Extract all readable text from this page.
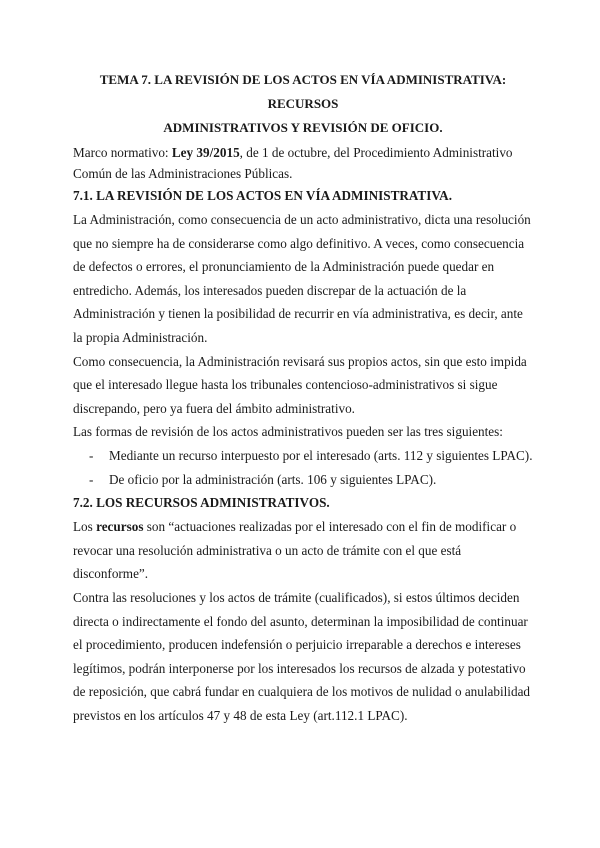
TEMA 7. LA REVISIÓN DE LOS ACTOS EN VÍA ADMINISTRATIVA: RECURSOS
ADMINISTRATIVOS Y REVISIÓN DE OFICIO.

Marco normativo: Ley 39/2015, de 1 de octubre, del Procedimiento Administrativo Común de las Administraciones Públicas.

7.1. LA REVISIÓN DE LOS ACTOS EN VÍA ADMINISTRATIVA.

La Administración, como consecuencia de un acto administrativo, dicta una resolución que no siempre ha de considerarse como algo definitivo. A veces, como consecuencia de defectos o errores, el pronunciamiento de la Administración puede quedar en entredicho. Además, los interesados pueden discrepar de la actuación de la Administración y tienen la posibilidad de recurrir en vía administrativa, es decir, ante la propia Administración.

Como consecuencia, la Administración revisará sus propios actos, sin que esto impida que el interesado llegue hasta los tribunales contencioso-administrativos si sigue discrepando, pero ya fuera del ámbito administrativo.

Las formas de revisión de los actos administrativos pueden ser las tres siguientes:

- Mediante un recurso interpuesto por el interesado (arts. 112 y siguientes LPAC).
- De oficio por la administración (arts. 106 y siguientes LPAC).

7.2. LOS RECURSOS ADMINISTRATIVOS.

Los recursos son “actuaciones realizadas por el interesado con el fin de modificar o revocar una resolución administrativa o un acto de trámite con el que está disconforme”.

Contra las resoluciones y los actos de trámite (cualificados), si estos últimos deciden directa o indirectamente el fondo del asunto, determinan la imposibilidad de continuar el procedimiento, producen indefensión o perjuicio irreparable a derechos e intereses legítimos, podrán interponerse por los interesados los recursos de alzada y potestativo de reposición, que cabrá fundar en cualquiera de los motivos de nulidad o anulabilidad previstos en los artículos 47 y 48 de esta Ley (art.112.1 LPAC).
